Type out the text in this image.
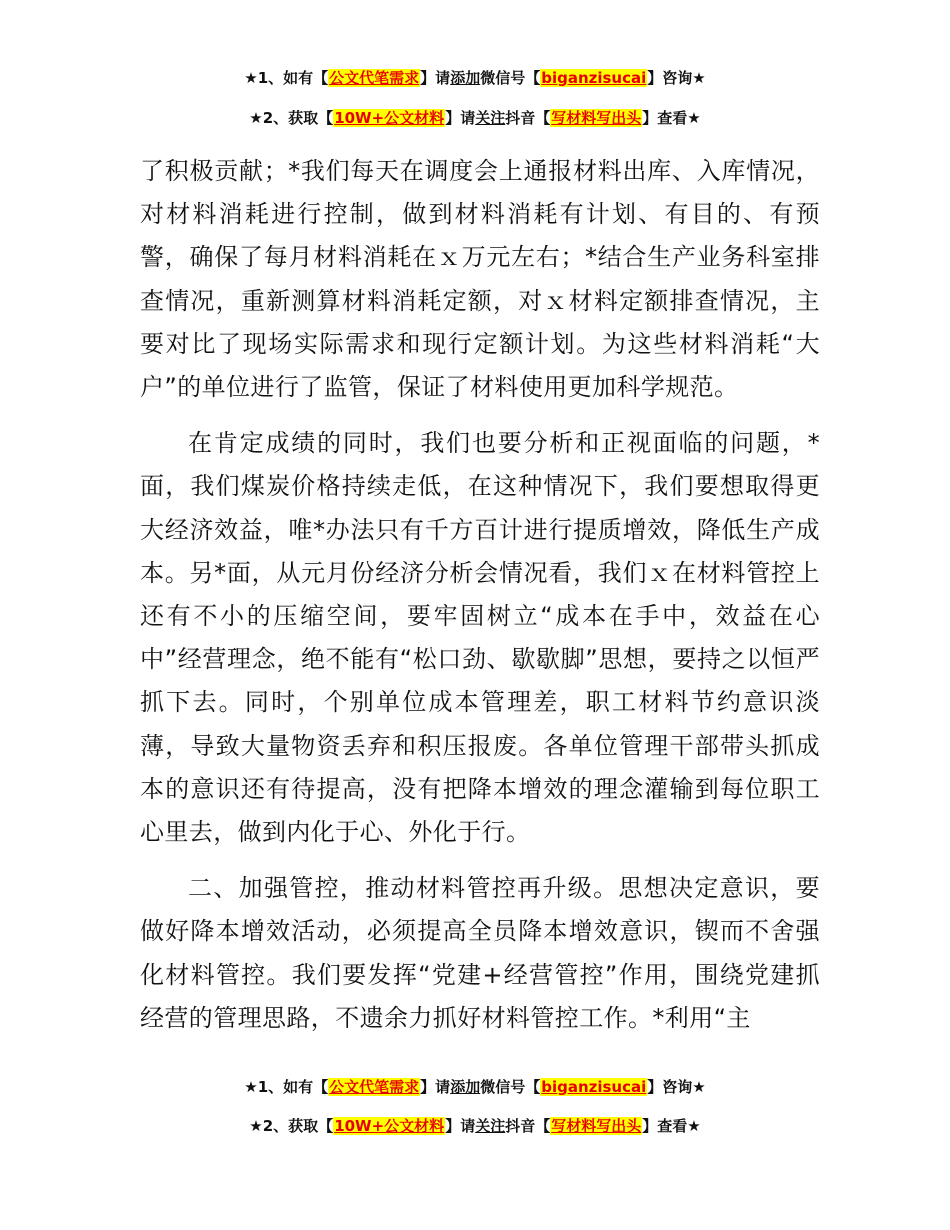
★1、如有【公文代笔需求】请添加微信号【biganzisucai】咨询★
★2、获取【10W+公文材料】请关注抖音【写材料写出头】查看★

了积极贡献；*我们每天在调度会上通报材料出库、入库情况，对材料消耗进行控制，做到材料消耗有计划、有目的、有预警，确保了每月材料消耗在ｘ万元左右；*结合生产业务科室排查情况，重新测算材料消耗定额，对ｘ材料定额排查情况，主要对比了现场实际需求和现行定额计划。为这些材料消耗“大户”的单位进行了监管，保证了材料使用更加科学规范。

在肯定成绩的同时，我们也要分析和正视面临的问题，*面，我们煤炭价格持续走低，在这种情况下，我们要想取得更大经济效益，唯*办法只有千方百计进行提质增效，降低生产成本。另*面，从元月份经济分析会情况看，我们ｘ在材料管控上还有不小的压缩空间，要牢固树立“成本在手中，效益在心中”经营理念，绝不能有“松口劲、歇歇脚”思想，要持之以恒严抓下去。同时，个别单位成本管理差，职工材料节约意识淡薄，导致大量物资丢弃和积压报废。各单位管理干部带头抓成本的意识还有待提高，没有把降本增效的理念灌输到每位职工心里去，做到内化于心、外化于行。

二、加强管控，推动材料管控再升级。思想决定意识，要做好降本增效活动，必须提高全员降本增效意识，锲而不舍强化材料管控。我们要发挥“党建+经营管控”作用，围绕党建抓经营的管理思路，不遗余力抓好材料管控工作。*利用“主

★1、如有【公文代笔需求】请添加微信号【biganzisucai】咨询★
★2、获取【10W+公文材料】请关注抖音【写材料写出头】查看★
